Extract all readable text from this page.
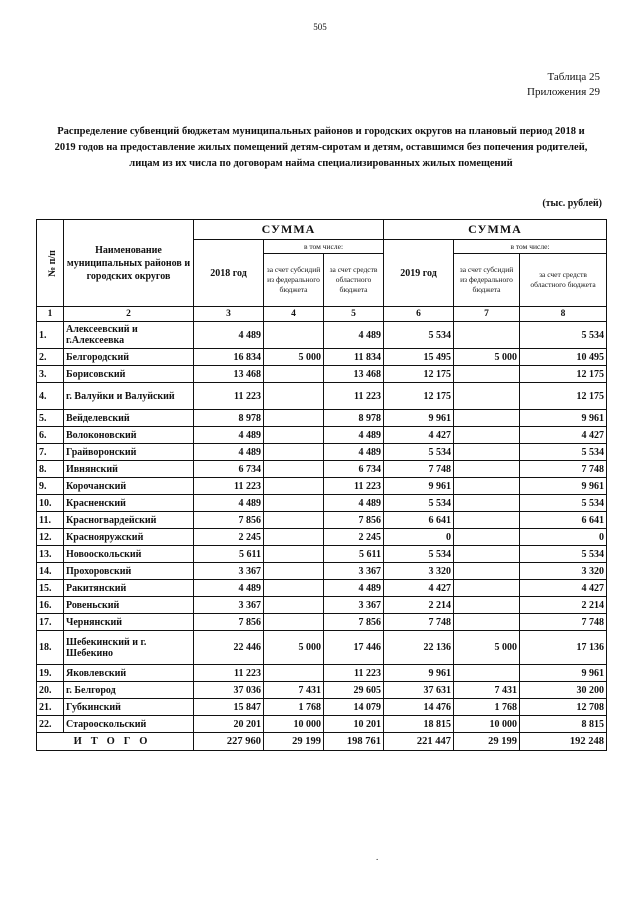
505
Таблица 25
Приложения 29
Распределение субвенций бюджетам муниципальных районов и городских округов на плановый период 2018 и
2019 годов на предоставление жилых помещений детям-сиротам и детям, оставшимся без попечения родителей,
лицам из их числа по договорам найма специализированных жилых помещений
(тыс. рублей)
№ п/п	Наименование муниципальных районов и городских округов	СУММА			СУММА		
		2018 год	в том числе:		2019 год	в том числе:	
			за счет субсидий из федерального бюджета	за счет средств областного бюджета		за счет субсидий из федерального бюджета	за счет средств областного бюджета
1	2	3	4	5	6	7	8
1.	Алексеевский и г.Алексеевка	4 489		4 489	5 534		5 534
2.	Белгородский	16 834	5 000	11 834	15 495	5 000	10 495
3.	Борисовский	13 468		13 468	12 175		12 175
4.	г. Валуйки и Валуйский	11 223		11 223	12 175		12 175
5.	Вейделевский	8 978		8 978	9 961		9 961
6.	Волоконовский	4 489		4 489	4 427		4 427
7.	Грайворонский	4 489		4 489	5 534		5 534
8.	Ивнянский	6 734		6 734	7 748		7 748
9.	Корочанский	11 223		11 223	9 961		9 961
10.	Красненский	4 489		4 489	5 534		5 534
11.	Красногвардейский	7 856		7 856	6 641		6 641
12.	Краснояружский	2 245		2 245	0		0
13.	Новооскольский	5 611		5 611	5 534		5 534
14.	Прохоровский	3 367		3 367	3 320		3 320
15.	Ракитянский	4 489		4 489	4 427		4 427
16.	Ровеньский	3 367		3 367	2 214		2 214
17.	Чернянский	7 856		7 856	7 748		7 748
18.	Шебекинский и г. Шебекино	22 446	5 000	17 446	22 136	5 000	17 136
19.	Яковлевский	11 223		11 223	9 961		9 961
20.	г. Белгород	37 036	7 431	29 605	37 631	7 431	30 200
21.	Губкинский	15 847	1 768	14 079	14 476	1 768	12 708
22.	Старооскольский	20 201	10 000	10 201	18 815	10 000	8 815
ИТОГО		227 960	29 199	198 761	221 447	29 199	192 248
.
